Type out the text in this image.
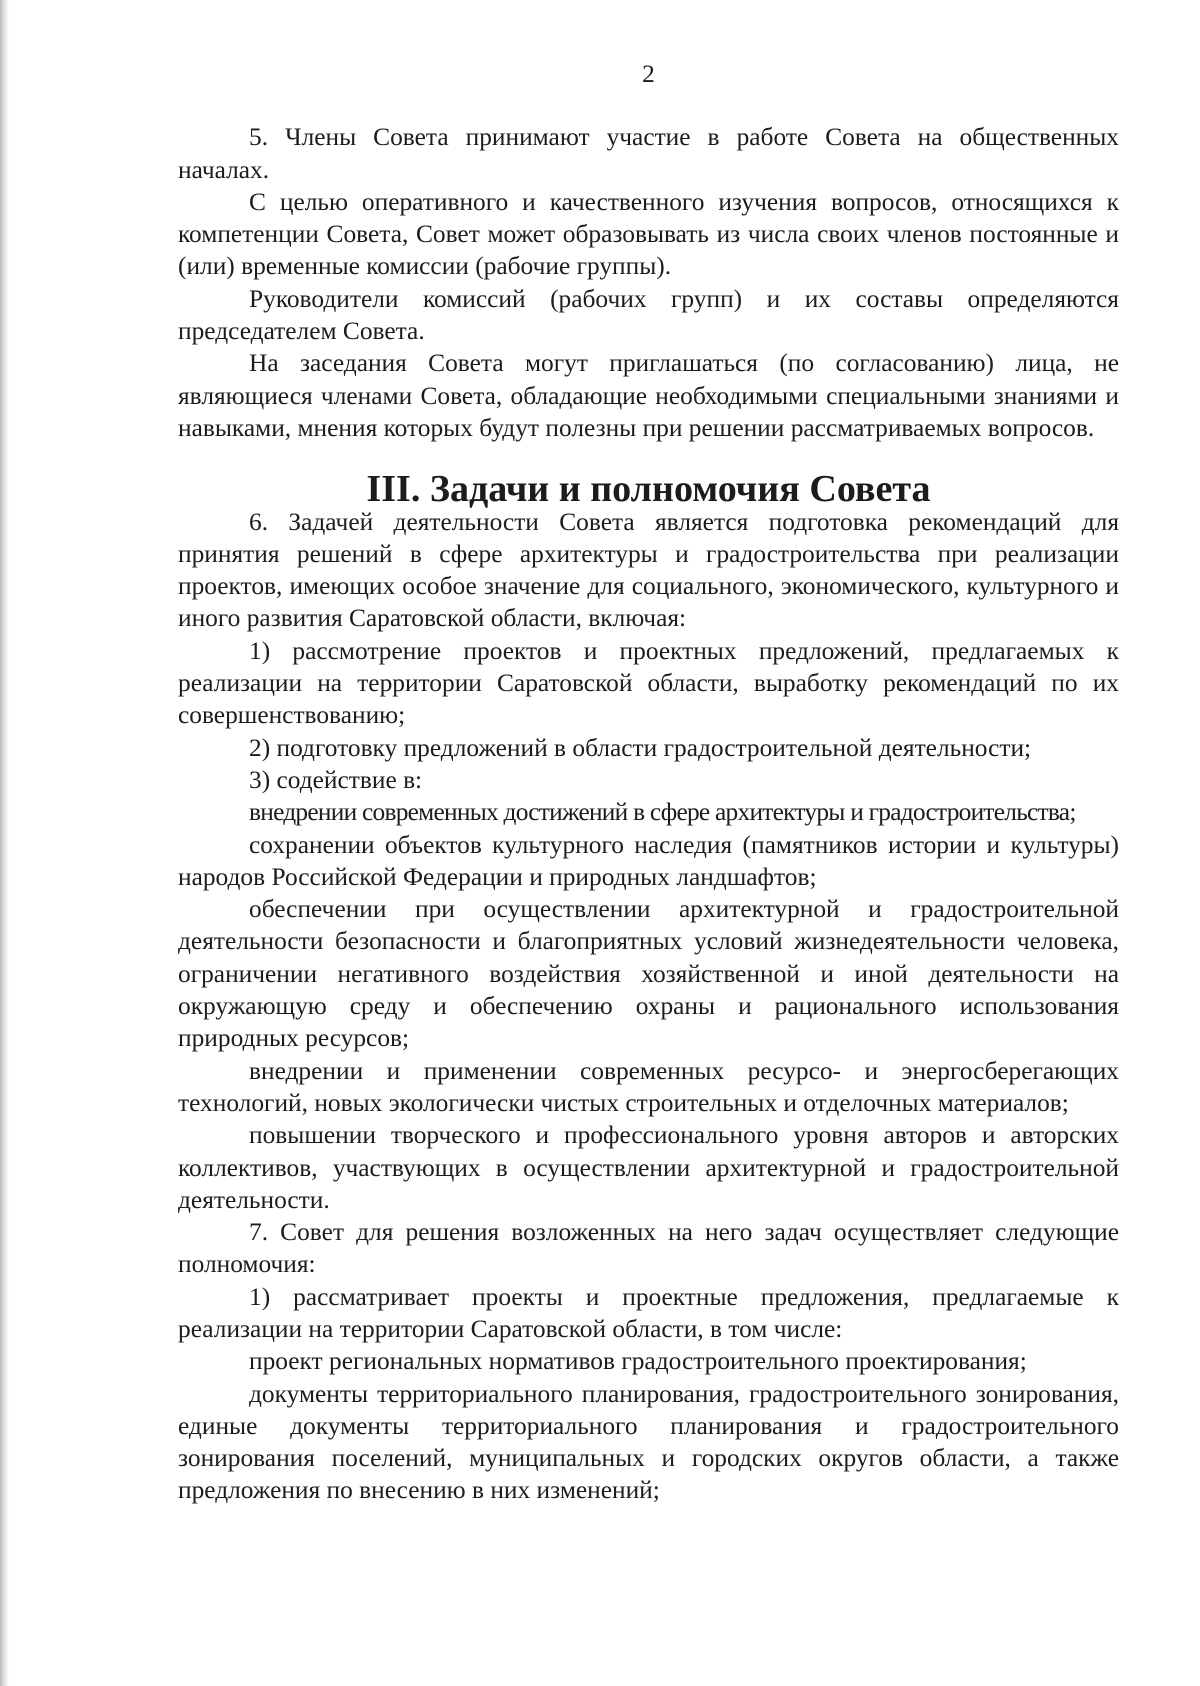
2

5. Члены Совета принимают участие в работе Совета на общественных началах.

С целью оперативного и качественного изучения вопросов, относящихся к компетенции Совета, Совет может образовывать из числа своих членов постоянные и (или) временные комиссии (рабочие группы).

Руководители комиссий (рабочих групп) и их составы определяются председателем Совета.

На заседания Совета могут приглашаться (по согласованию) лица, не являющиеся членами Совета, обладающие необходимыми специальными знаниями и навыками, мнения которых будут полезны при решении рассматриваемых вопросов.

III. Задачи и полномочия Совета

6. Задачей деятельности Совета является подготовка рекомендаций для принятия решений в сфере архитектуры и градостроительства при реализации проектов, имеющих особое значение для социального, экономического, культурного и иного развития Саратовской области, включая:

1) рассмотрение проектов и проектных предложений, предлагаемых к реализации на территории Саратовской области, выработку рекомендаций по их совершенствованию;

2) подготовку предложений в области градостроительной деятельности;

3) содействие в:

внедрении современных достижений в сфере архитектуры и градостроительства;

сохранении объектов культурного наследия (памятников истории и культуры) народов Российской Федерации и природных ландшафтов;

обеспечении при осуществлении архитектурной и градостроительной деятельности безопасности и благоприятных условий жизнедеятельности человека, ограничении негативного воздействия хозяйственной и иной деятельности на окружающую среду и обеспечению охраны и рационального использования природных ресурсов;

внедрении и применении современных ресурсо- и энергосберегающих технологий, новых экологически чистых строительных и отделочных материалов;

повышении творческого и профессионального уровня авторов и авторских коллективов, участвующих в осуществлении архитектурной и градостроительной деятельности.

7. Совет для решения возложенных на него задач осуществляет следующие полномочия:

1) рассматривает проекты и проектные предложения, предлагаемые к реализации на территории Саратовской области, в том числе:

проект региональных нормативов градостроительного проектирования;

документы территориального планирования, градостроительного зонирования, единые документы территориального планирования и градостроительного зонирования поселений, муниципальных и городских округов области, а также предложения по внесению в них изменений;
